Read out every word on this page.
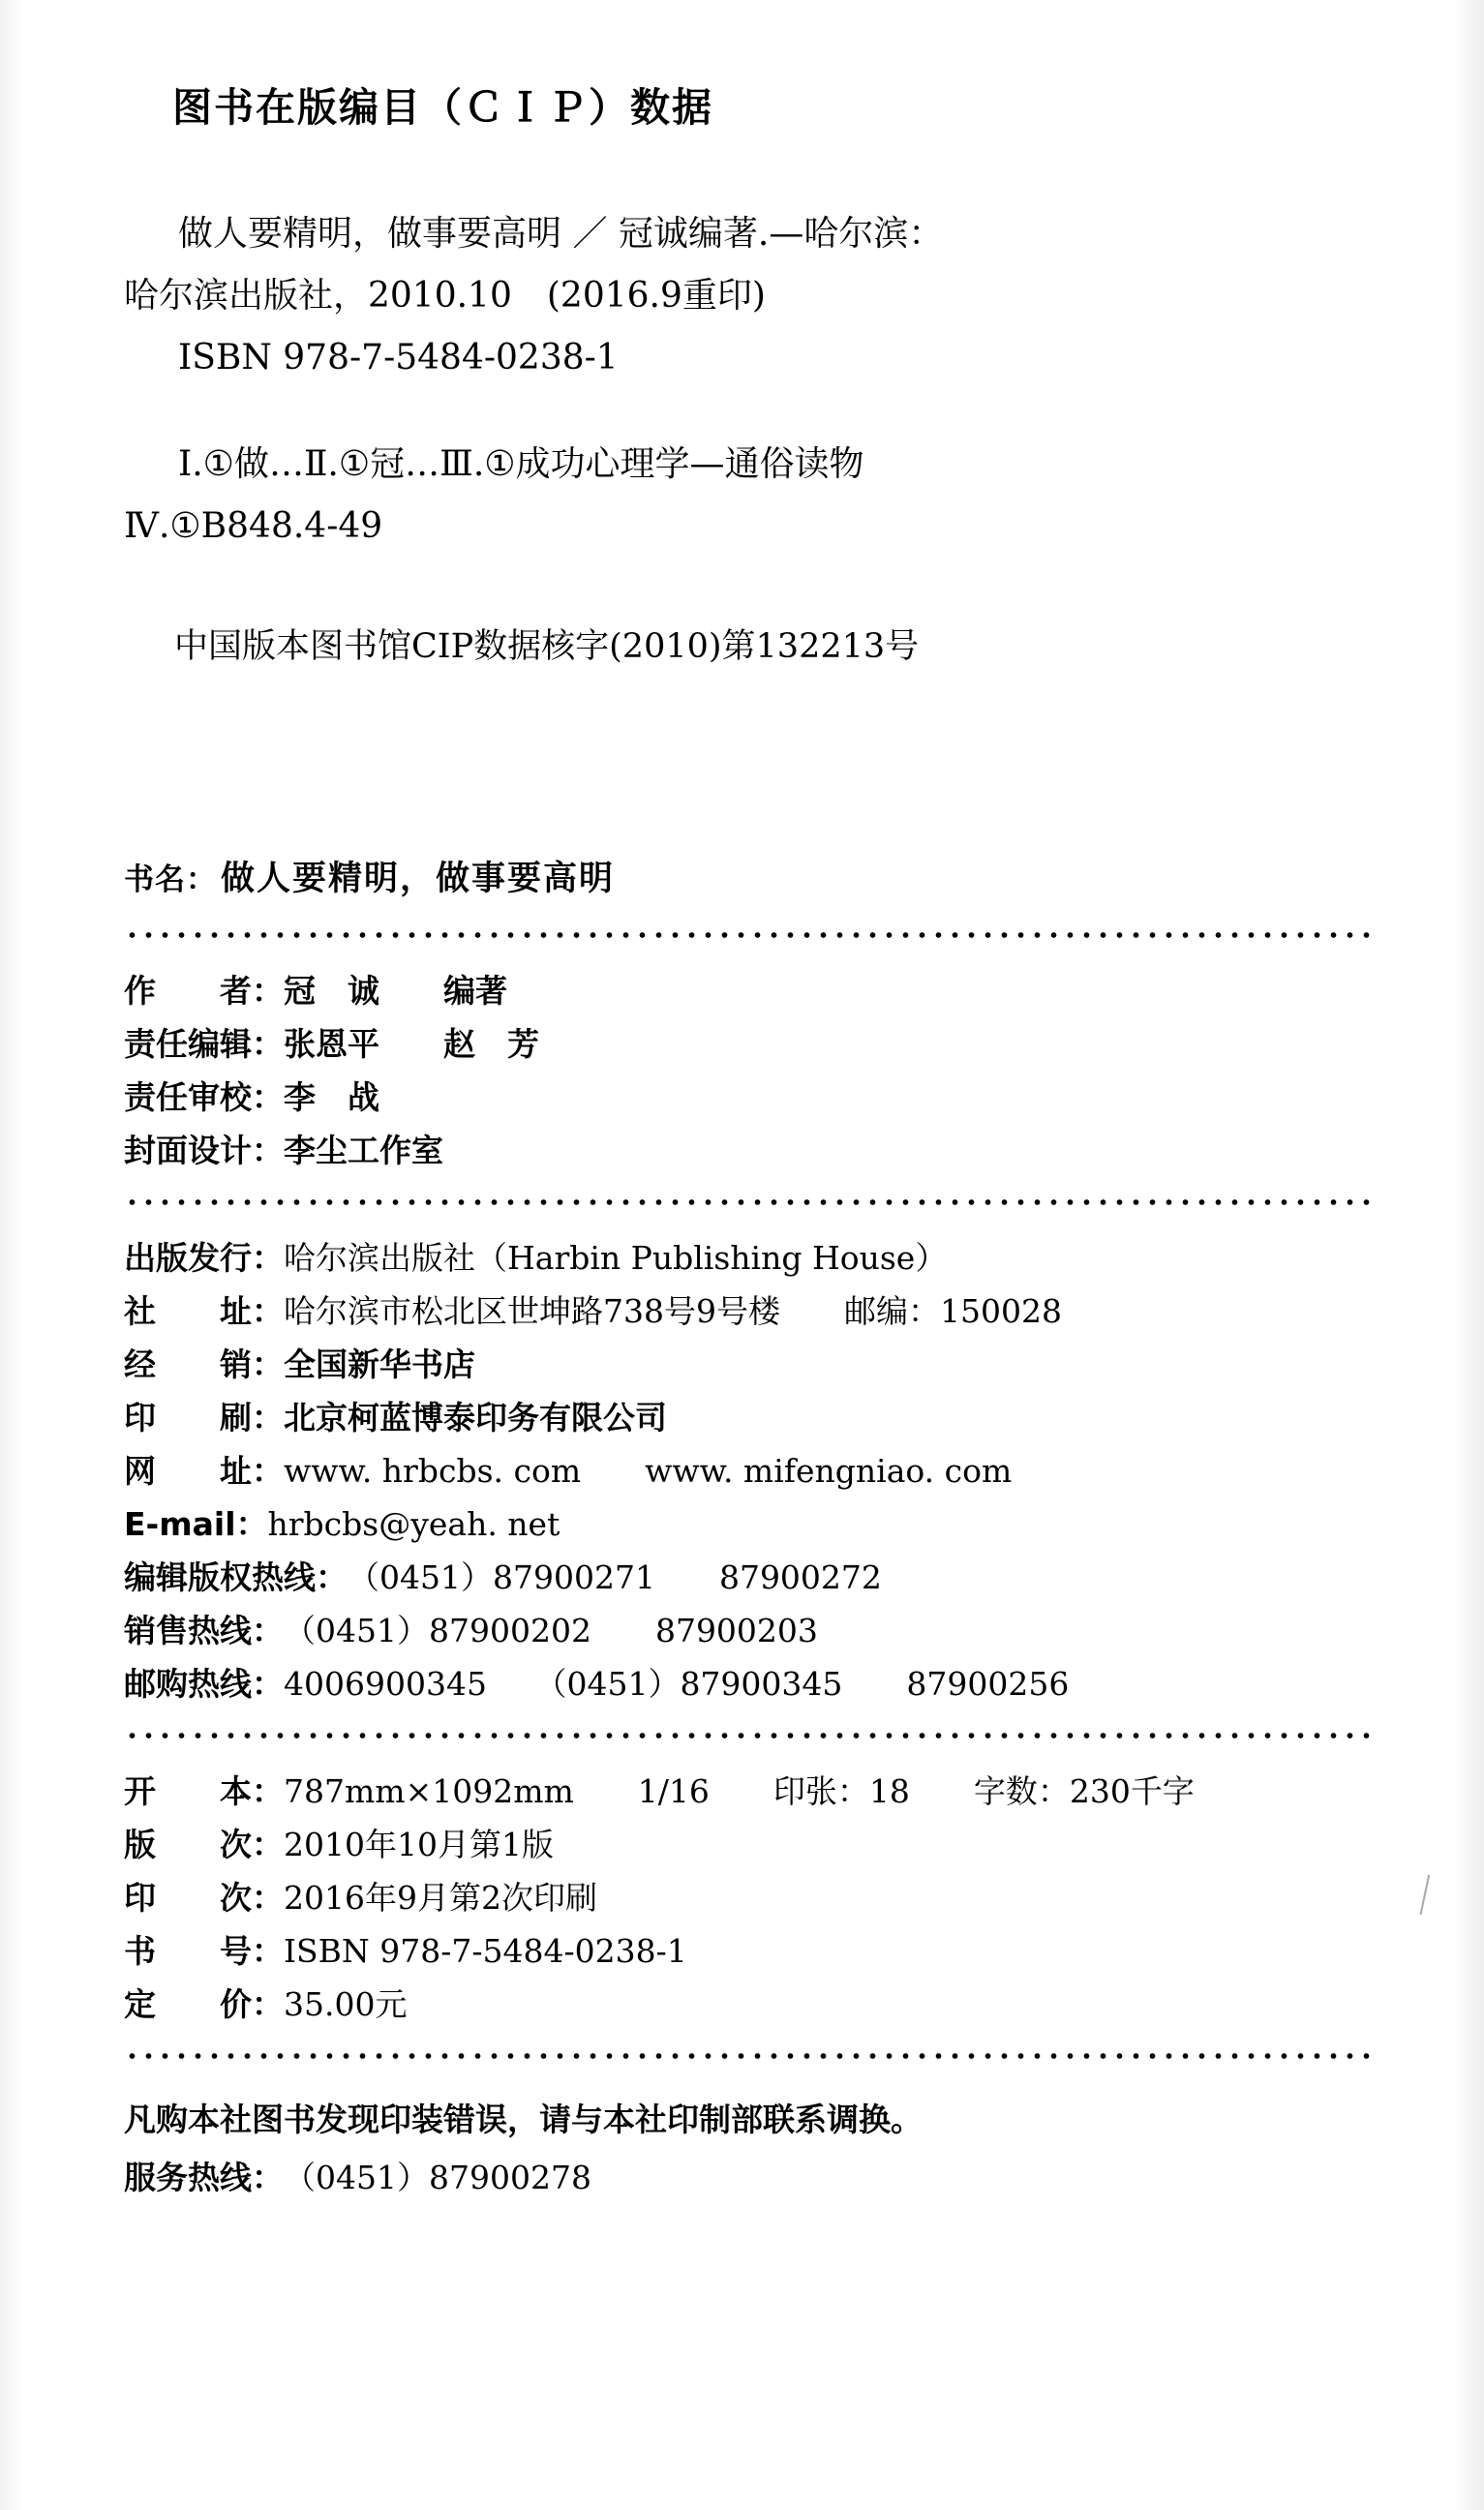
图书在版编目（ＣＩＰ）数据
做人要精明，做事要高明 ／ 冠诚编著.—哈尔滨：
哈尔滨出版社，2010.10　(2016.9重印)
ISBN 978-7-5484-0238-1
Ⅰ.①做…Ⅱ.①冠…Ⅲ.①成功心理学—通俗读物
Ⅳ.①B848.4-49
中国版本图书馆CIP数据核字(2010)第132213号
书名： 做人要精明，做事要高明
作　　者：冠　诚　　编著
责任编辑：张恩平　　赵　芳
责任审校：李　战
封面设计：李尘工作室
出版发行：哈尔滨出版社（Harbin Publishing House）
社　　址：哈尔滨市松北区世坤路738号9号楼　　邮编：150028
经　　销：全国新华书店
印　　刷：北京柯蓝博泰印务有限公司
网　　址：www. hrbcbs. com　　www. mifengniao. com
E-mail：hrbcbs@yeah. net
编辑版权热线：（0451）87900271　　87900272
销售热线：（0451）87900202　　87900203
邮购热线：4006900345　　（0451）87900345　　87900256
开　　本：787mm×1092mm　　1/16　　印张：18　　字数：230千字
版　　次：2010年10月第1版
印　　次：2016年9月第2次印刷
书　　号：ISBN 978-7-5484-0238-1
定　　价：35.00元
凡购本社图书发现印装错误，请与本社印制部联系调换。
服务热线：（0451）87900278
